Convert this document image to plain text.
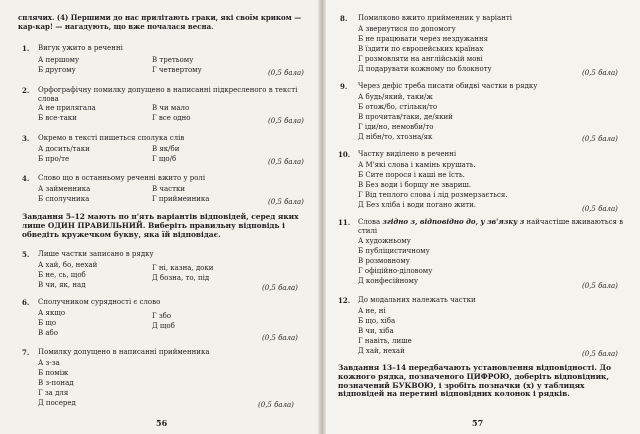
сплячих. (4) Першими до нас прилітають граки, які своїм криком — кар-кар! — нагадують, що вже почалася весна.
1. Вигук ужито в реченні
А першому
Б другому
В третьому
Г четвертому	(0,5 бала)
2. Орфографічну помилку допущено в написанні підкресленого в тексті слова
А не прилягала
Б все-таки
В чи мало
Г все одно	(0,5 бала)
3. Окремо в тексті пишеться сполука слів
А досить/таки
Б про/те
В як/би
Г що/б	(0,5 бала)
4. Слово що в останньому реченні вжито у ролі
А займенника
Б сполучника
В частки
Г приймеиника	(0,5 бала)
Завдання 5–12 мають по п'ять варіантів відповідей, серед яких лише ОДИН ПРАВИЛЬНИЙ. Виберіть правильну відповідь і обведіть кружечком букву, яка їй відповідає.
5. Лише частки записано в рядку
А хай, бо, нехай
Б не, сь, щоб
В чи, як, над
Г ні, казна, доки
Д бозна, то, під
(0,5 бала)
6. Сполучником сурядності є слово
А якщо
Б що
В або
Г збо
Д щоб
(0,5 бала)
7. Помилку допущено в написанні прийменника
А з-за
Б поміж
В з-понад
Г за для
Д посеред	(0,5 бала)
56
8. Помилково вжито прийменник у варіанті
А звернутися по допомогу
Б не працювати через нездужання
В їздити по європейських країнах
Г розмовляти на англійській мові
Д подарувати кожному по блокноту	(0,5 бала)
9. Через дефіс треба писати обидві частки в рядку
А будь/який, таки/ж
Б отож/бо, стільки/то
В прочитав/таки, де/який
Г іди/но, немовби/то
Д нібн/то, хтозна/як	(0,5 бала)
10. Частку виділено в реченні
А М'які слова і камінь крушать.
Б Сите порося і каші не їсть.
В Без води і борщу не звариш.
Г Від теплого слова і лід розмерзається.
Д Без хліба і води погано жити.	(0,5 бала)
11. Слова згідно з, відповідно до, у зв'язку з найчастіше вживаються в стилі
А художньому
Б публіцистичному
В розмовному
Г офіційно-діловому
Д конфесійному
(0,5 бала)
12. До модальних належать частки
А не, ні
Б що, хіба
В чи, хіба
Г навіть, лише
Д хай, нехай	(0,5 бала)
Завдання 13–14 передбачають установлення відповідності. До кожного рядка, позначеного ЦИФРОЮ, доберіть відповідник, позначений БУКВОЮ, і зробіть позначки (х) у таблицях відповідей на перетині відповідних колонок і рядків.
57
